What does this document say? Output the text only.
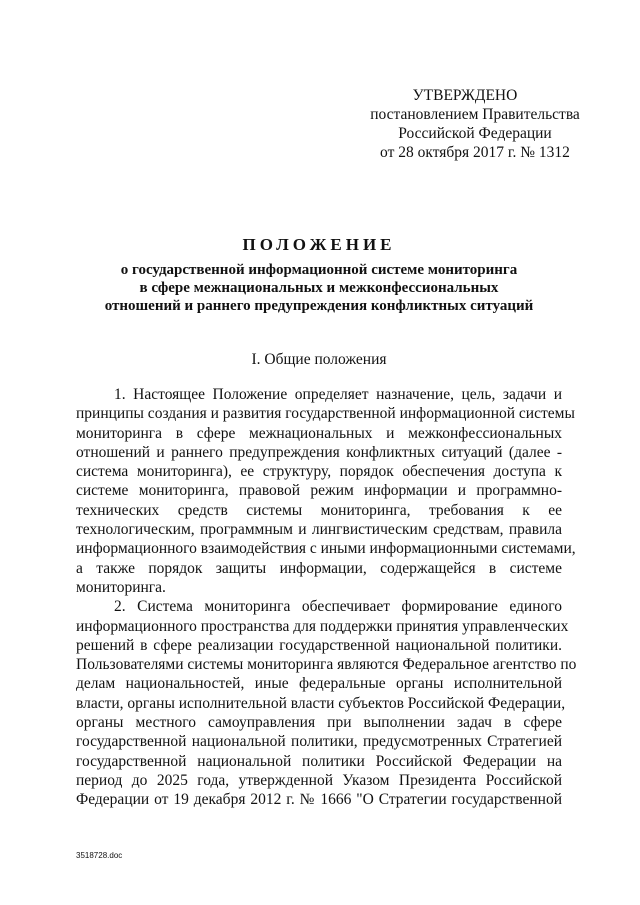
УТВЕРЖДЕНО
постановлением Правительства
Российской Федерации
от 28 октября 2017 г. № 1312
ПОЛОЖЕНИЕ
о государственной информационной системе мониторинга
в сфере межнациональных и межконфессиональных
отношений и раннего предупреждения конфликтных ситуаций
I. Общие положения
1. Настоящее Положение определяет назначение, цель, задачи и
принципы создания и развития государственной информационной системы
мониторинга в сфере межнациональных и межконфессиональных
отношений и раннего предупреждения конфликтных ситуаций (далее -
система мониторинга), ее структуру, порядок обеспечения доступа к
системе мониторинга, правовой режим информации и программно-
технических средств системы мониторинга, требования к ее
технологическим, программным и лингвистическим средствам, правила
информационного взаимодействия с иными информационными системами,
а также порядок защиты информации, содержащейся в системе
мониторинга.
2. Система мониторинга обеспечивает формирование единого
информационного пространства для поддержки принятия управленческих
решений в сфере реализации государственной национальной политики.
Пользователями системы мониторинга являются Федеральное агентство по
делам национальностей, иные федеральные органы исполнительной
власти, органы исполнительной власти субъектов Российской Федерации,
органы местного самоуправления при выполнении задач в сфере
государственной национальной политики, предусмотренных Стратегией
государственной национальной политики Российской Федерации на
период до 2025 года, утвержденной Указом Президента Российской
Федерации от 19 декабря 2012 г. № 1666 "О Стратегии государственной
3518728.doc
